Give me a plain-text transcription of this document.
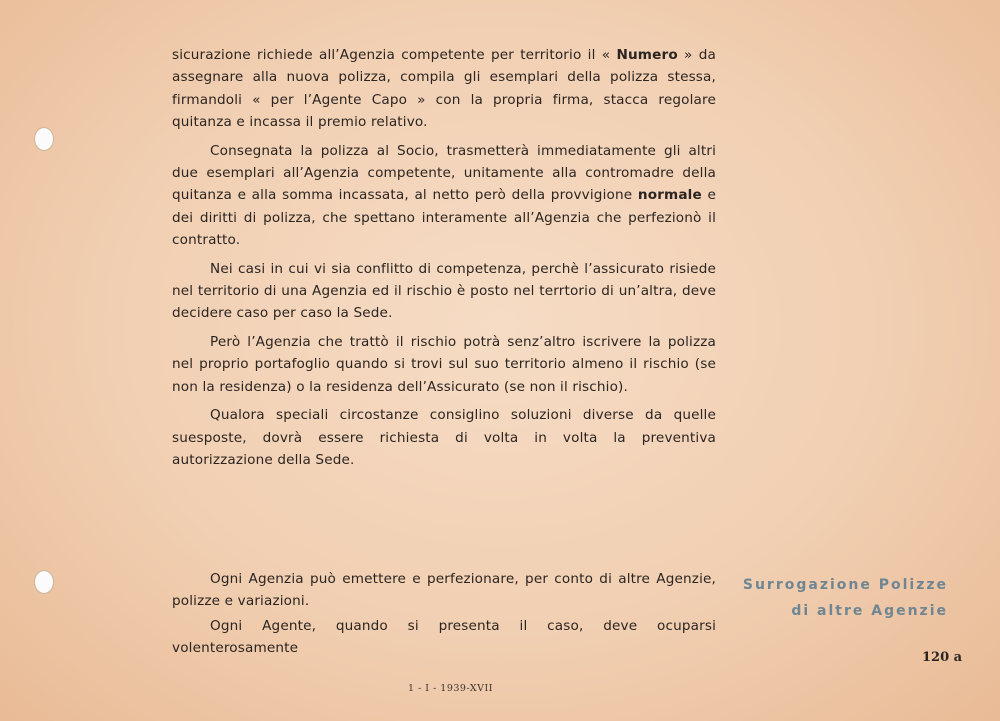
sicurazione richiede all’Agenzia competente per territorio il « Numero » da assegnare alla nuova polizza, compila gli esemplari della polizza stessa, firmandoli « per l’Agente Capo » con la propria firma, stacca regolare quitanza e incassa il premio relativo.

Consegnata la polizza al Socio, trasmetterà immediatamente gli altri due esemplari all’Agenzia competente, unitamente alla contromadre della quitanza e alla somma incassata, al netto però della provvigione normale e dei diritti di polizza, che spettano interamente all’Agenzia che perfezionò il contratto.

Nei casi in cui vi sia conflitto di competenza, perchè l’assicurato risiede nel territorio di una Agenzia ed il rischio è posto nel terrtorio di un’altra, deve decidere caso per caso la Sede.

Però l’Agenzia che trattò il rischio potrà senz’altro iscrivere la polizza nel proprio portafoglio quando si trovi sul suo territorio almeno il rischio (se non la residenza) o la residenza dell’Assicurato (se non il rischio).

Qualora speciali circostanze consiglino soluzioni diverse da quelle suesposte, dovrà essere richiesta di volta in volta la preventiva autorizzazione della Sede.

Ogni Agenzia può emettere e perfezionare, per conto di altre Agenzie, polizze e variazioni.

Ogni Agente, quando si presenta il caso, deve ocuparsi volenterosamente

Surrogazione Polizze
di altre Agenzie
120 a
1 - I - 1939-XVII
